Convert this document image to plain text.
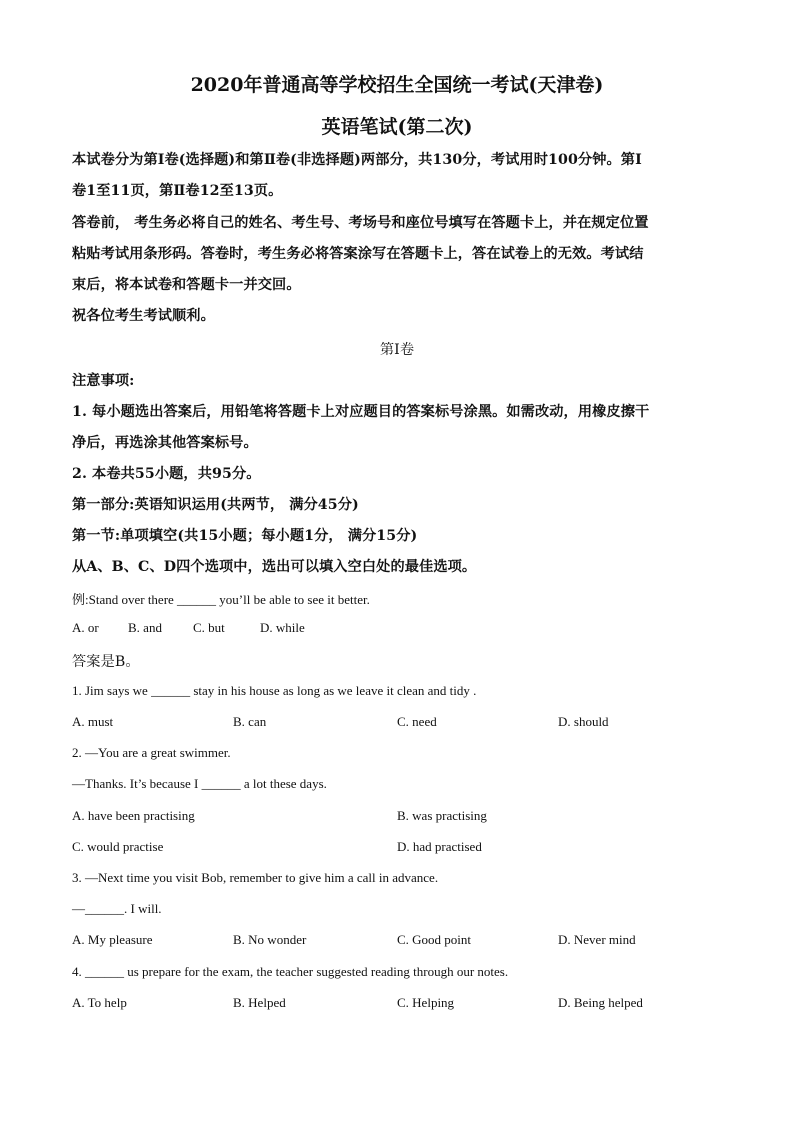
2020年普通高等学校招生全国统一考试(天津卷)
英语笔试(第二次)
本试卷分为第Ⅰ卷(选择题)和第Ⅱ卷(非选择题)两部分，共130分，考试用时100分钟。第Ⅰ
卷1至11页，第Ⅱ卷12至13页。
答卷前， 考生务必将自己的姓名、考生号、考场号和座位号填写在答题卡上，并在规定位置
粘贴考试用条形码。答卷时，考生务必将答案涂写在答题卡上，答在试卷上的无效。考试结
束后，将本试卷和答题卡一并交回。
祝各位考生考试顺利。
第Ⅰ卷
注意事项:
1. 每小题选出答案后，用铅笔将答题卡上对应题目的答案标号涂黑。如需改动，用橡皮擦干
净后，再选涂其他答案标号。
2. 本卷共55小题，共95分。
第一部分:英语知识运用(共两节， 满分45分)
第一节:单项填空(共15小题；每小题1分， 满分15分)
从A、B、C、D四个选项中，选出可以填入空白处的最佳选项。
例:Stand over there ______ you’ll be able to see it better.
A. or B. and C. but	D. while
答案是B。
1. Jim says we ______ stay in his house as long as we leave it clean and tidy .
A. must	B. can	C. need	D. should
2. —You are a great swimmer.
—Thanks. It’s because I ______ a lot these days.
A. have been practising	B. was practising
C. would practise	D. had practised
3. —Next time you visit Bob, remember to give him a call in advance.
—______. I will.
A. My pleasure	B. No wonder	C. Good point	D. Never mind
4. ______ us prepare for the exam, the teacher suggested reading through our notes.
A. To help	B. Helped	C. Helping	D. Being helped
